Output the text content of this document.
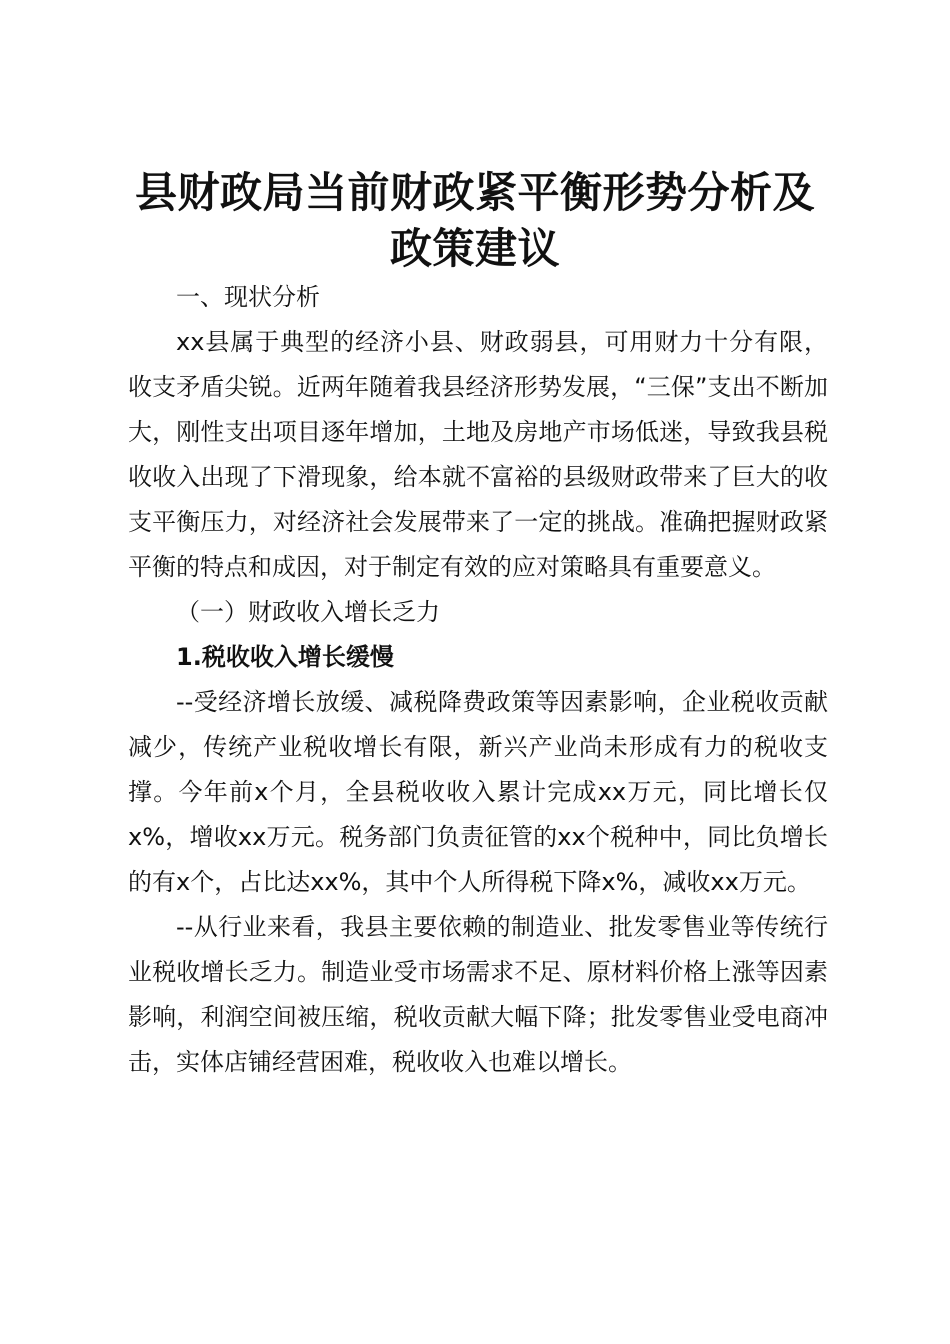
县财政局当前财政紧平衡形势分析及政策建议

一、现状分析

xx县属于典型的经济小县、财政弱县，可用财力十分有限，收支矛盾尖锐。近两年随着我县经济形势发展，“三保”支出不断加大，刚性支出项目逐年增加，土地及房地产市场低迷，导致我县税收收入出现了下滑现象，给本就不富裕的县级财政带来了巨大的收支平衡压力，对经济社会发展带来了一定的挑战。准确把握财政紧平衡的特点和成因，对于制定有效的应对策略具有重要意义。

（一）财政收入增长乏力

1.税收收入增长缓慢

--受经济增长放缓、减税降费政策等因素影响，企业税收贡献减少，传统产业税收增长有限，新兴产业尚未形成有力的税收支撑。今年前x个月，全县税收收入累计完成xx万元，同比增长仅x%，增收xx万元。税务部门负责征管的xx个税种中，同比负增长的有x个，占比达xx%，其中个人所得税下降x%，减收xx万元。

--从行业来看，我县主要依赖的制造业、批发零售业等传统行业税收增长乏力。制造业受市场需求不足、原材料价格上涨等因素影响，利润空间被压缩，税收贡献大幅下降；批发零售业受电商冲击，实体店铺经营困难，税收收入也难以增长。
